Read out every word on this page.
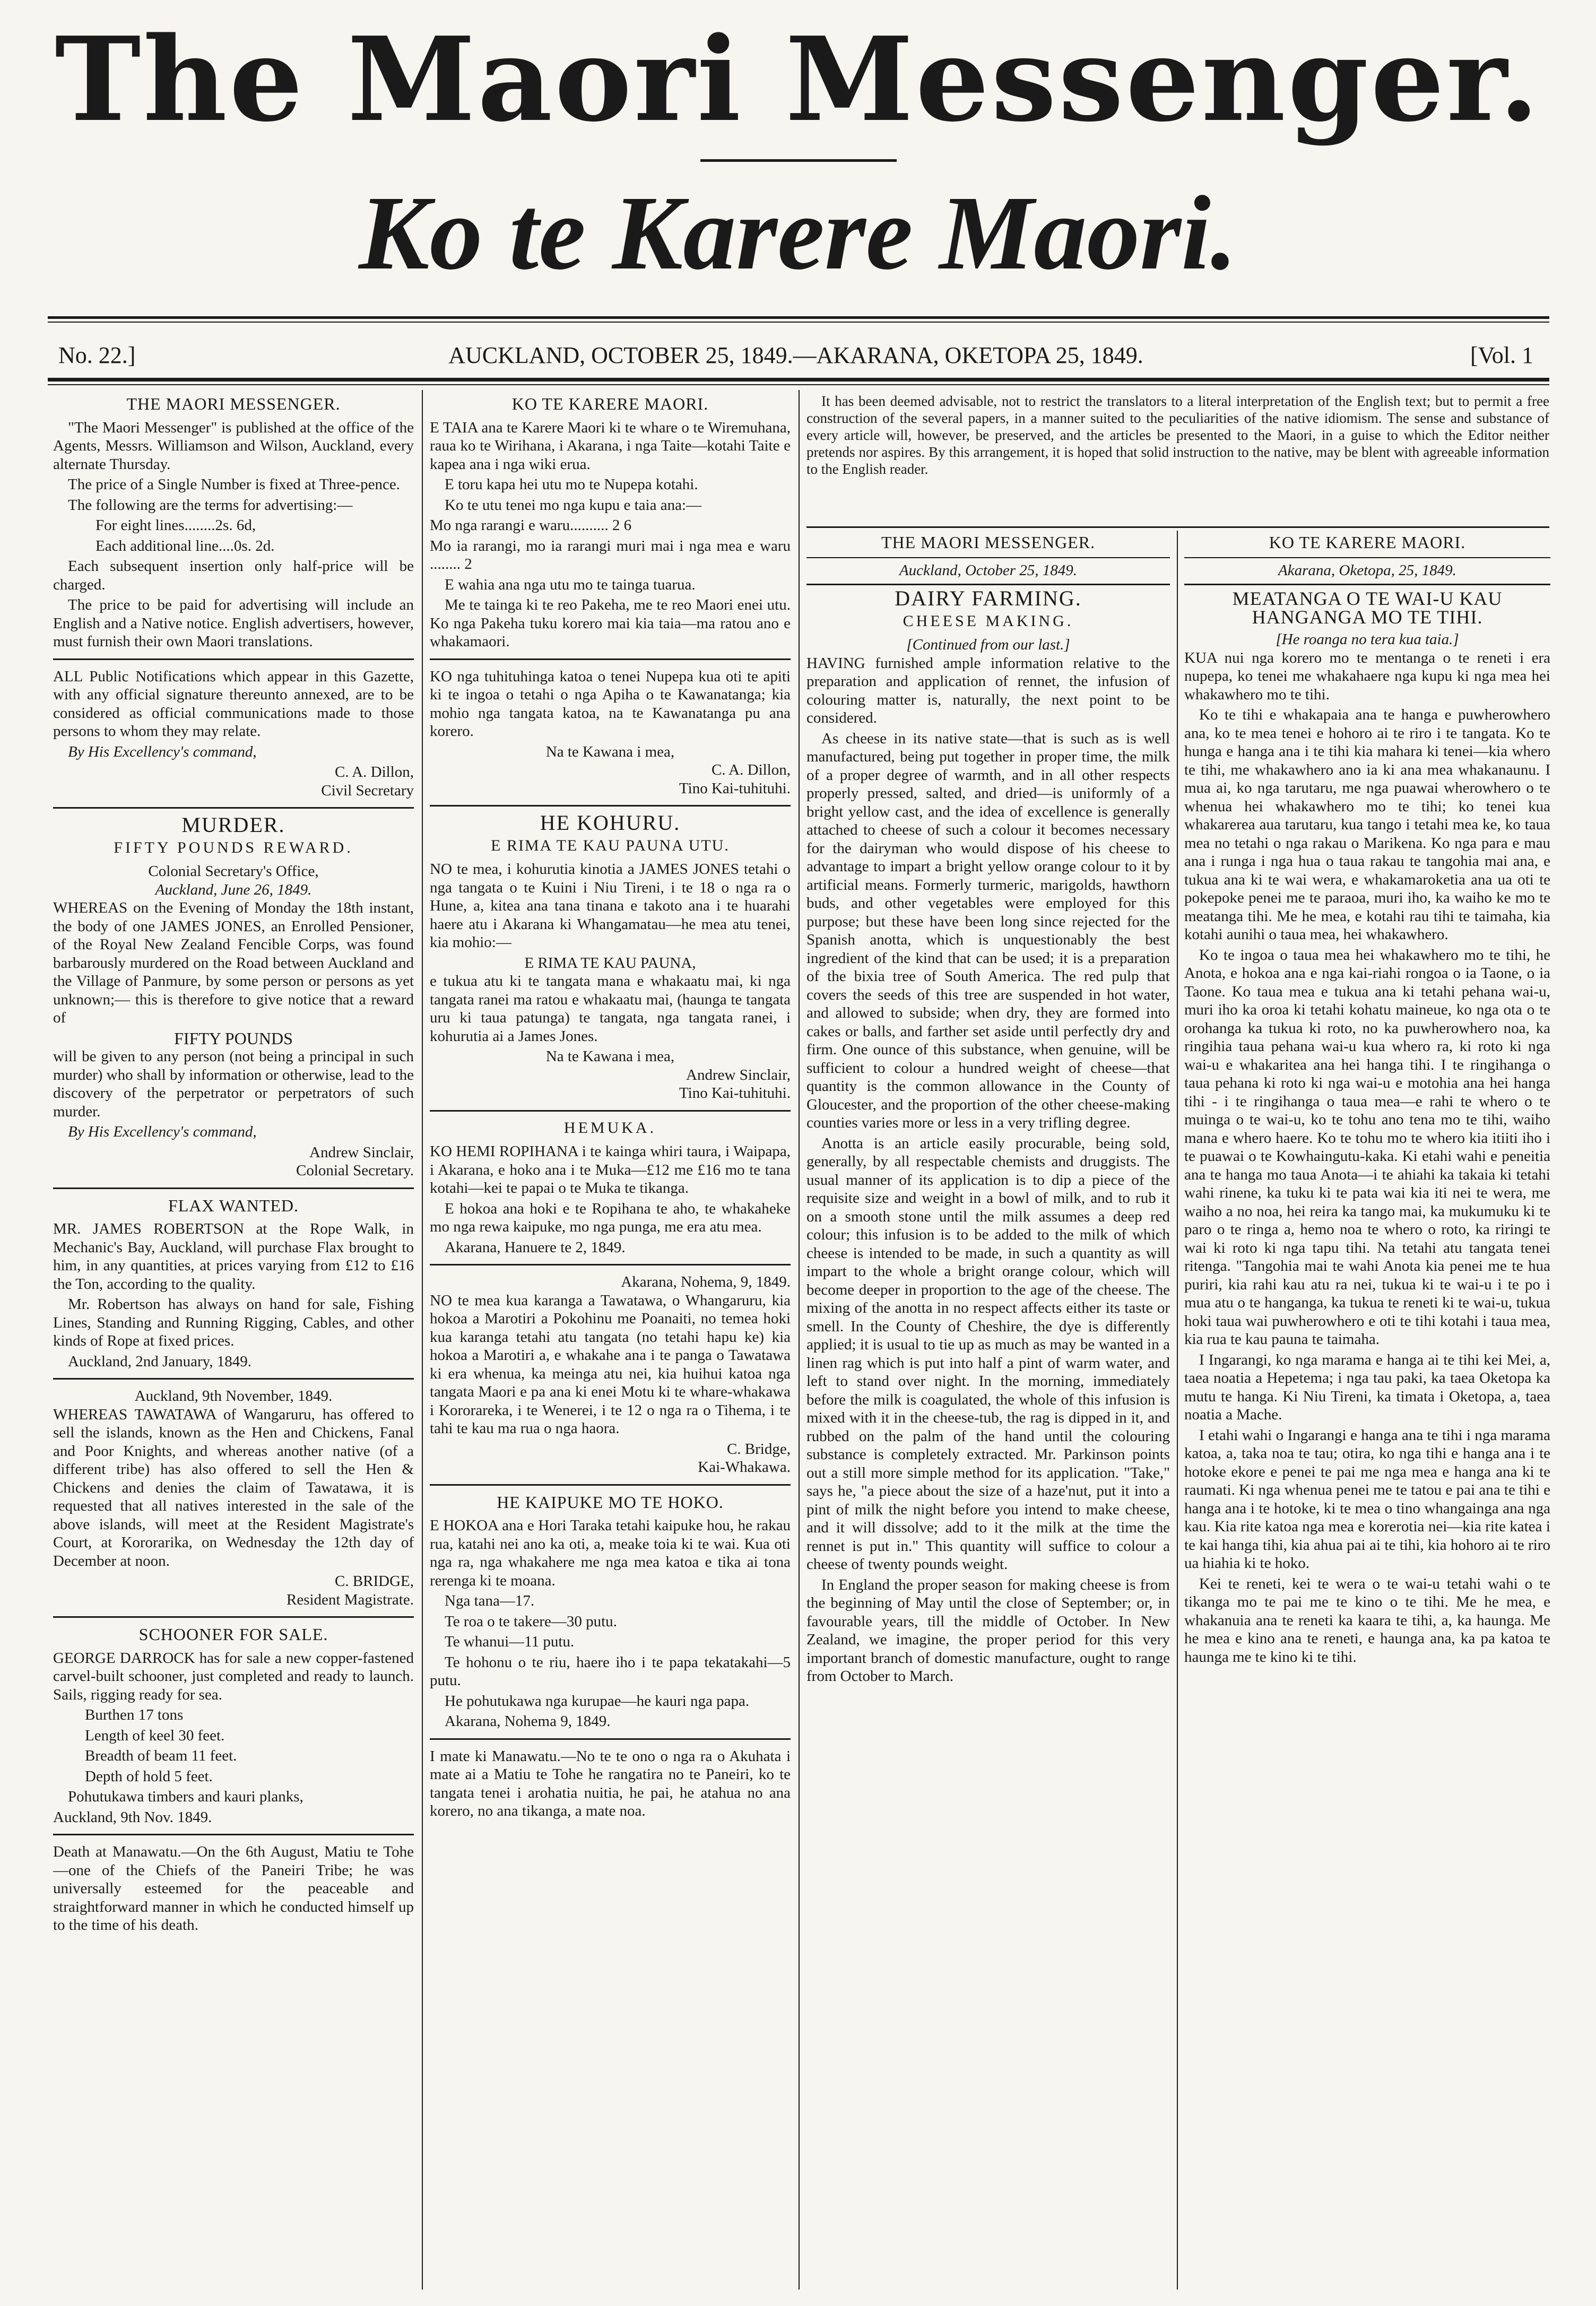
The Maori Messenger.
Ko te Karere Maori.
No. 22.]	AUCKLAND, OCTOBER 25, 1849.—AKARANA, OKETOPA 25, 1849.	[Vol. 1
THE MAORI MESSENGER.

"The Maori Messenger" is published at the office of the Agents, Messrs. Williamson and Wilson, Auckland, every alternate Thursday.

The price of a Single Number is fixed at Three-pence.

The following are the terms for advertising:—

For eight lines........2s. 6d,

Each additional line....0s. 2d.

Each subsequent insertion only half-price will be charged.

The price to be paid for advertising will include an English and a Native notice. English advertisers, however, must furnish their own Maori translations.

ALL Public Notifications which appear in this Gazette, with any official signature thereunto annexed, are to be considered as official communications made to those persons to whom they may relate.

By His Excellency's command,

C. A. Dillon,

Civil Secretary

MURDER.
FIFTY POUNDS REWARD.

Colonial Secretary's Office,

Auckland, June 26, 1849.

WHEREAS on the Evening of Monday the 18th instant, the body of one JAMES JONES, an Enrolled Pensioner, of the Royal New Zealand Fencible Corps, was found barbarously murdered on the Road between Auckland and the Village of Panmure, by some person or persons as yet unknown;— this is therefore to give notice that a reward of

FIFTY POUNDS

will be given to any person (not being a principal in such murder) who shall by information or otherwise, lead to the discovery of the perpetrator or perpetrators of such murder.

By His Excellency's command,

Andrew Sinclair,

Colonial Secretary.

FLAX WANTED.

MR. JAMES ROBERTSON at the Rope Walk, in Mechanic's Bay, Auckland, will purchase Flax brought to him, in any quantities, at prices varying from £12 to £16 the Ton, according to the quality.

Mr. Robertson has always on hand for sale, Fishing Lines, Standing and Running Rigging, Cables, and other kinds of Rope at fixed prices.

Auckland, 2nd January, 1849.

Auckland, 9th November, 1849.

WHEREAS TAWATAWA of Wangaruru, has offered to sell the islands, known as the Hen and Chickens, Fanal and Poor Knights, and whereas another native (of a different tribe) has also offered to sell the Hen & Chickens and denies the claim of Tawatawa, it is requested that all natives interested in the sale of the above islands, will meet at the Resident Magistrate's Court, at Kororarika, on Wednesday the 12th day of December at noon.

C. BRIDGE,

Resident Magistrate.

SCHOONER FOR SALE.

GEORGE DARROCK has for sale a new copper-fastened carvel-built schooner, just completed and ready to launch. Sails, rigging ready for sea.

Burthen 17 tons

Length of keel 30 feet.

Breadth of beam 11 feet.

Depth of hold 5 feet.

Pohutukawa timbers and kauri planks,

Auckland, 9th Nov. 1849.

Death at Manawatu.—On the 6th August, Matiu te Tohe—one of the Chiefs of the Paneiri Tribe; he was universally esteemed for the peaceable and straightforward manner in which he conducted himself up to the time of his death.

KO TE KARERE MAORI.

E TAIA ana te Karere Maori ki te whare o te Wiremuhana, raua ko te Wirihana, i Akarana, i nga Taite—kotahi Taite e kapea ana i nga wiki erua.

E toru kapa hei utu mo te Nupepa kotahi.

Ko te utu tenei mo nga kupu e taia ana:—

Mo nga rarangi e waru.......... 2 6

Mo ia rarangi, mo ia rarangi muri mai i nga mea e waru ........ 2

E wahia ana nga utu mo te tainga tuarua.

Me te tainga ki te reo Pakeha, me te reo Maori enei utu. Ko nga Pakeha tuku korero mai kia taia—ma ratou ano e whakamaori.

KO nga tuhituhinga katoa o tenei Nupepa kua oti te apiti ki te ingoa o tetahi o nga Apiha o te Kawanatanga; kia mohio nga tangata katoa, na te Kawanatanga pu ana korero.

Na te Kawana i mea,

C. A. Dillon,

Tino Kai-tuhituhi.

HE KOHURU.
E RIMA TE KAU PAUNA UTU.

NO te mea, i kohurutia kinotia a JAMES JONES tetahi o nga tangata o te Kuini i Niu Tireni, i te 18 o nga ra o Hune, a, kitea ana tana tinana e takoto ana i te huarahi haere atu i Akarana ki Whangamatau—he mea atu tenei, kia mohio:—

E RIMA TE KAU PAUNA,

e tukua atu ki te tangata mana e whakaatu mai, ki nga tangata ranei ma ratou e whakaatu mai, (haunga te tangata uru ki taua patunga) te tangata, nga tangata ranei, i kohurutia ai a James Jones.

Na te Kawana i mea,

Andrew Sinclair,

Tino Kai-tuhituhi.

HEMUKA.

KO HEMI ROPIHANA i te kainga whiri taura, i Waipapa, i Akarana, e hoko ana i te Muka—£12 me £16 mo te tana kotahi—kei te papai o te Muka te tikanga.

E hokoa ana hoki e te Ropihana te aho, te whakaheke mo nga rewa kaipuke, mo nga punga, me era atu mea.

Akarana, Hanuere te 2, 1849.

Akarana, Nohema, 9, 1849.

NO te mea kua karanga a Tawatawa, o Whangaruru, kia hokoa a Marotiri a Pokohinu me Poanaiti, no temea hoki kua karanga tetahi atu tangata (no tetahi hapu ke) kia hokoa a Marotiri a, e whakahe ana i te panga o Tawatawa ki era whenua, ka meinga atu nei, kia huihui katoa nga tangata Maori e pa ana ki enei Motu ki te whare-whakawa i Kororareka, i te Wenerei, i te 12 o nga ra o Tihema, i te tahi te kau ma rua o nga haora.

C. Bridge,

Kai-Whakawa.

HE KAIPUKE MO TE HOKO.

E HOKOA ana e Hori Taraka tetahi kaipuke hou, he rakau rua, katahi nei ano ka oti, a, meake toia ki te wai. Kua oti nga ra, nga whakahere me nga mea katoa e tika ai tona rerenga ki te moana.

Nga tana—17.

Te roa o te takere—30 putu.

Te whanui—11 putu.

Te hohonu o te riu, haere iho i te papa tekatakahi—5 putu.

He pohutukawa nga kurupae—he kauri nga papa.

Akarana, Nohema 9, 1849.

I mate ki Manawatu.—No te te ono o nga ra o Akuhata i mate ai a Matiu te Tohe he rangatira no te Paneiri, ko te tangata tenei i arohatia nuitia, he pai, he atahua no ana korero, no ana tikanga, a mate noa.

It has been deemed advisable, not to restrict the translators to a literal interpretation of the English text; but to permit a free construction of the several papers, in a manner suited to the peculiarities of the native idiomism. The sense and substance of every article will, however, be preserved, and the articles be presented to the Maori, in a guise to which the Editor neither pretends nor aspires. By this arrangement, it is hoped that solid instruction to the native, may be blent with agreeable information to the English reader.

THE MAORI MESSENGER.

Auckland, October 25, 1849.

DAIRY FARMING.
CHEESE MAKING.

[Continued from our last.]

HAVING furnished ample information relative to the preparation and application of rennet, the infusion of colouring matter is, naturally, the next point to be considered.

As cheese in its native state—that is such as is well manufactured, being put together in proper time, the milk of a proper degree of warmth, and in all other respects properly pressed, salted, and dried—is uniformly of a bright yellow cast, and the idea of excellence is generally attached to cheese of such a colour it becomes necessary for the dairyman who would dispose of his cheese to advantage to impart a bright yellow orange colour to it by artificial means. Formerly turmeric, marigolds, hawthorn buds, and other vegetables were employed for this purpose; but these have been long since rejected for the Spanish anotta, which is unquestionably the best ingredient of the kind that can be used; it is a preparation of the bixia tree of South America. The red pulp that covers the seeds of this tree are suspended in hot water, and allowed to subside; when dry, they are formed into cakes or balls, and farther set aside until perfectly dry and firm. One ounce of this substance, when genuine, will be sufficient to colour a hundred weight of cheese—that quantity is the common allowance in the County of Gloucester, and the proportion of the other cheese-making counties varies more or less in a very trifling degree.

Anotta is an article easily procurable, being sold, generally, by all respectable chemists and druggists. The usual manner of its application is to dip a piece of the requisite size and weight in a bowl of milk, and to rub it on a smooth stone until the milk assumes a deep red colour; this infusion is to be added to the milk of which cheese is intended to be made, in such a quantity as will impart to the whole a bright orange colour, which will become deeper in proportion to the age of the cheese. The mixing of the anotta in no respect affects either its taste or smell. In the County of Cheshire, the dye is differently applied; it is usual to tie up as much as may be wanted in a linen rag which is put into half a pint of warm water, and left to stand over night. In the morning, immediately before the milk is coagulated, the whole of this infusion is mixed with it in the cheese-tub, the rag is dipped in it, and rubbed on the palm of the hand until the colouring substance is completely extracted. Mr. Parkinson points out a still more simple method for its application. "Take," says he, "a piece about the size of a haze'nut, put it into a pint of milk the night before you intend to make cheese, and it will dissolve; add to it the milk at the time the rennet is put in." This quantity will suffice to colour a cheese of twenty pounds weight.

In England the proper season for making cheese is from the beginning of May until the close of September; or, in favourable years, till the middle of October. In New Zealand, we imagine, the proper period for this very important branch of domestic manufacture, ought to range from October to March.

KO TE KARERE MAORI.

Akarana, Oketopa, 25, 1849.

MEATANGA O TE WAI-U KAU HANGANGA MO TE TIHI.

[He roanga no tera kua taia.]

KUA nui nga korero mo te mentanga o te reneti i era nupepa, ko tenei me whakahaere nga kupu ki nga mea hei whakawhero mo te tihi.

Ko te tihi e whakapaia ana te hanga e puwherowhero ana, ko te mea tenei e hohoro ai te riro i te tangata. Ko te hunga e hanga ana i te tihi kia mahara ki tenei—kia whero te tihi, me whakawhero ano ia ki ana mea whakanaunu. I mua ai, ko nga tarutaru, me nga puawai wherowhero o te whenua hei whakawhero mo te tihi; ko tenei kua whakarerea aua tarutaru, kua tango i tetahi mea ke, ko taua mea no tetahi o nga rakau o Marikena. Ko nga para e mau ana i runga i nga hua o taua rakau te tangohia mai ana, e tukua ana ki te wai wera, e whakamaroketia ana ua oti te pokepoke penei me te paraoa, muri iho, ka waiho ke mo te meatanga tihi. Me he mea, e kotahi rau tihi te taimaha, kia kotahi aunihi o taua mea, hei whakawhero.

Ko te ingoa o taua mea hei whakawhero mo te tihi, he Anota, e hokoa ana e nga kai-riahi rongoa o ia Taone, o ia Taone. Ko taua mea e tukua ana ki tetahi pehana wai-u, muri iho ka oroa ki tetahi kohatu maineue, ko nga ota o te orohanga ka tukua ki roto, no ka puwherowhero noa, ka ringihia taua pehana wai-u kua whero ra, ki roto ki nga wai-u e whakaritea ana hei hanga tihi. I te ringihanga o taua pehana ki roto ki nga wai-u e motohia ana hei hanga tihi - i te ringihanga o taua mea—e rahi te whero o te muinga o te wai-u, ko te tohu ano tena mo te tihi, waiho mana e whero haere. Ko te tohu mo te whero kia itiiti iho i te puawai o te Kowhaingutu-kaka. Ki etahi wahi e peneitia ana te hanga mo taua Anota—i te ahiahi ka takaia ki tetahi wahi rinene, ka tuku ki te pata wai kia iti nei te wera, me waiho a no noa, hei reira ka tango mai, ka mukumuku ki te paro o te ringa a, hemo noa te whero o roto, ka riringi te wai ki roto ki nga tapu tihi. Na tetahi atu tangata tenei ritenga. "Tangohia mai te wahi Anota kia penei me te hua puriri, kia rahi kau atu ra nei, tukua ki te wai-u i te po i mua atu o te hanganga, ka tukua te reneti ki te wai-u, tukua hoki taua wai puwherowhero e oti te tihi kotahi i taua mea, kia rua te kau pauna te taimaha.

I Ingarangi, ko nga marama e hanga ai te tihi kei Mei, a, taea noatia a Hepetema; i nga tau paki, ka taea Oketopa ka mutu te hanga. Ki Niu Tireni, ka timata i Oketopa, a, taea noatia a Mache.

I etahi wahi o Ingarangi e hanga ana te tihi i nga marama katoa, a, taka noa te tau; otira, ko nga tihi e hanga ana i te hotoke ekore e penei te pai me nga mea e hanga ana ki te raumati. Ki nga whenua penei me te tatou e pai ana te tihi e hanga ana i te hotoke, ki te mea o tino whangainga ana nga kau. Kia rite katoa nga mea e korerotia nei—kia rite katea i te kai hanga tihi, kia ahua pai ai te tihi, kia hohoro ai te riro ua hiahia ki te hoko.

Kei te reneti, kei te wera o te wai-u tetahi wahi o te tikanga mo te pai me te kino o te tihi. Me he mea, e whakanuia ana te reneti ka kaara te tihi, a, ka haunga. Me he mea e kino ana te reneti, e haunga ana, ka pa katoa te haunga me te kino ki te tihi.
